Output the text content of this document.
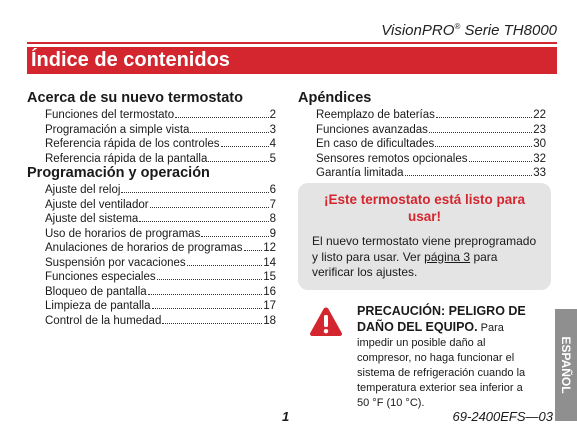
VisionPRO® Serie TH8000
Índice de contenidos
Acerca de su nuevo termostato
Funciones del termostato	2
Programación a simple vista	3
Referencia rápida de los controles	4
Referencia rápida de la pantalla	5
Programación y operación
Ajuste del reloj	6
Ajuste del ventilador	7
Ajuste del sistema	8
Uso de horarios de programas	9
Anulaciones de horarios de programas 12
Suspensión por vacaciones	14
Funciones especiales	15
Bloqueo de pantalla	16
Limpieza de pantalla	17
Control de la humedad	18
Apéndices
Reemplazo de baterías	22
Funciones avanzadas	23
En caso de dificultades	30
Sensores remotos opcionales	32
Garantía limitada	33
¡Este termostato está listo para usar!
El nuevo termostato viene preprogramado y listo para usar. Ver página 3 para verificar los ajustes.
PRECAUCIÓN: PELIGRO DE DAÑO DEL EQUIPO. Para impedir un posible daño al compresor, no haga funcionar el sistema de refrigeración cuando la temperatura exterior sea inferior a 50 °F (10 °C).
ESPAÑOL
1	69-2400EFS—03
